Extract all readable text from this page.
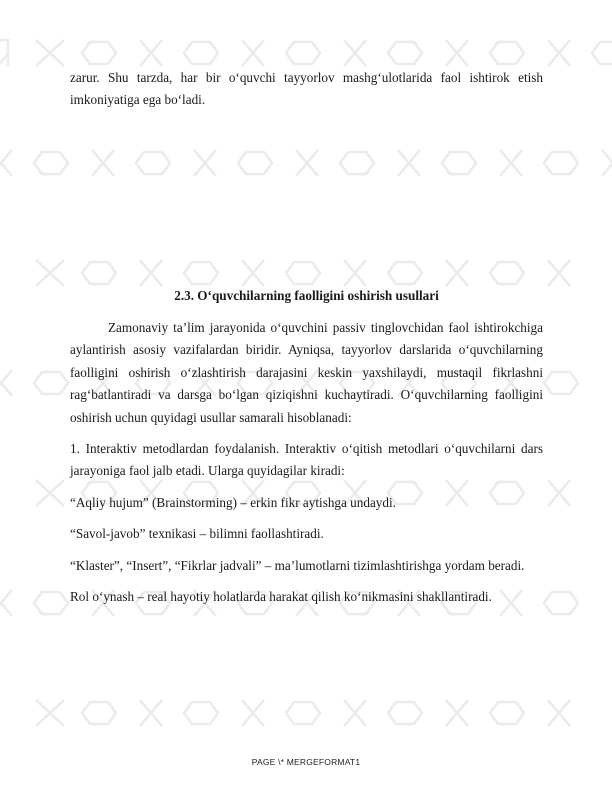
zarur. Shu tarzda, har bir o‘quvchi tayyorlov mashg‘ulotlarida faol ishtirok etish imkoniyatiga ega bo‘ladi.

2.3. O‘quvchilarning faolligini oshirish usullari

Zamonaviy ta’lim jarayonida o‘quvchini passiv tinglovchidan faol ishtirokchiga aylantirish asosiy vazifalardan biridir. Ayniqsa, tayyorlov darslarida o‘quvchilarning faolligini oshirish o‘zlashtirish darajasini keskin yaxshilaydi, mustaqil fikrlashni rag‘batlantiradi va darsga bo‘lgan qiziqishni kuchaytiradi. O‘quvchilarning faolligini oshirish uchun quyidagi usullar samarali hisoblanadi:

1. Interaktiv metodlardan foydalanish. Interaktiv o‘qitish metodlari o‘quvchilarni dars jarayoniga faol jalb etadi. Ularga quyidagilar kiradi:

“Aqliy hujum” (Brainstorming) – erkin fikr aytishga undaydi.

“Savol-javob” texnikasi – bilimni faollashtiradi.

“Klaster”, “Insert”, “Fikrlar jadvali” – ma’lumotlarni tizimlashtirishga yordam beradi.

Rol o‘ynash – real hayotiy holatlarda harakat qilish ko‘nikmasini shakllantiradi.

PAGE \* MERGEFORMAT1
